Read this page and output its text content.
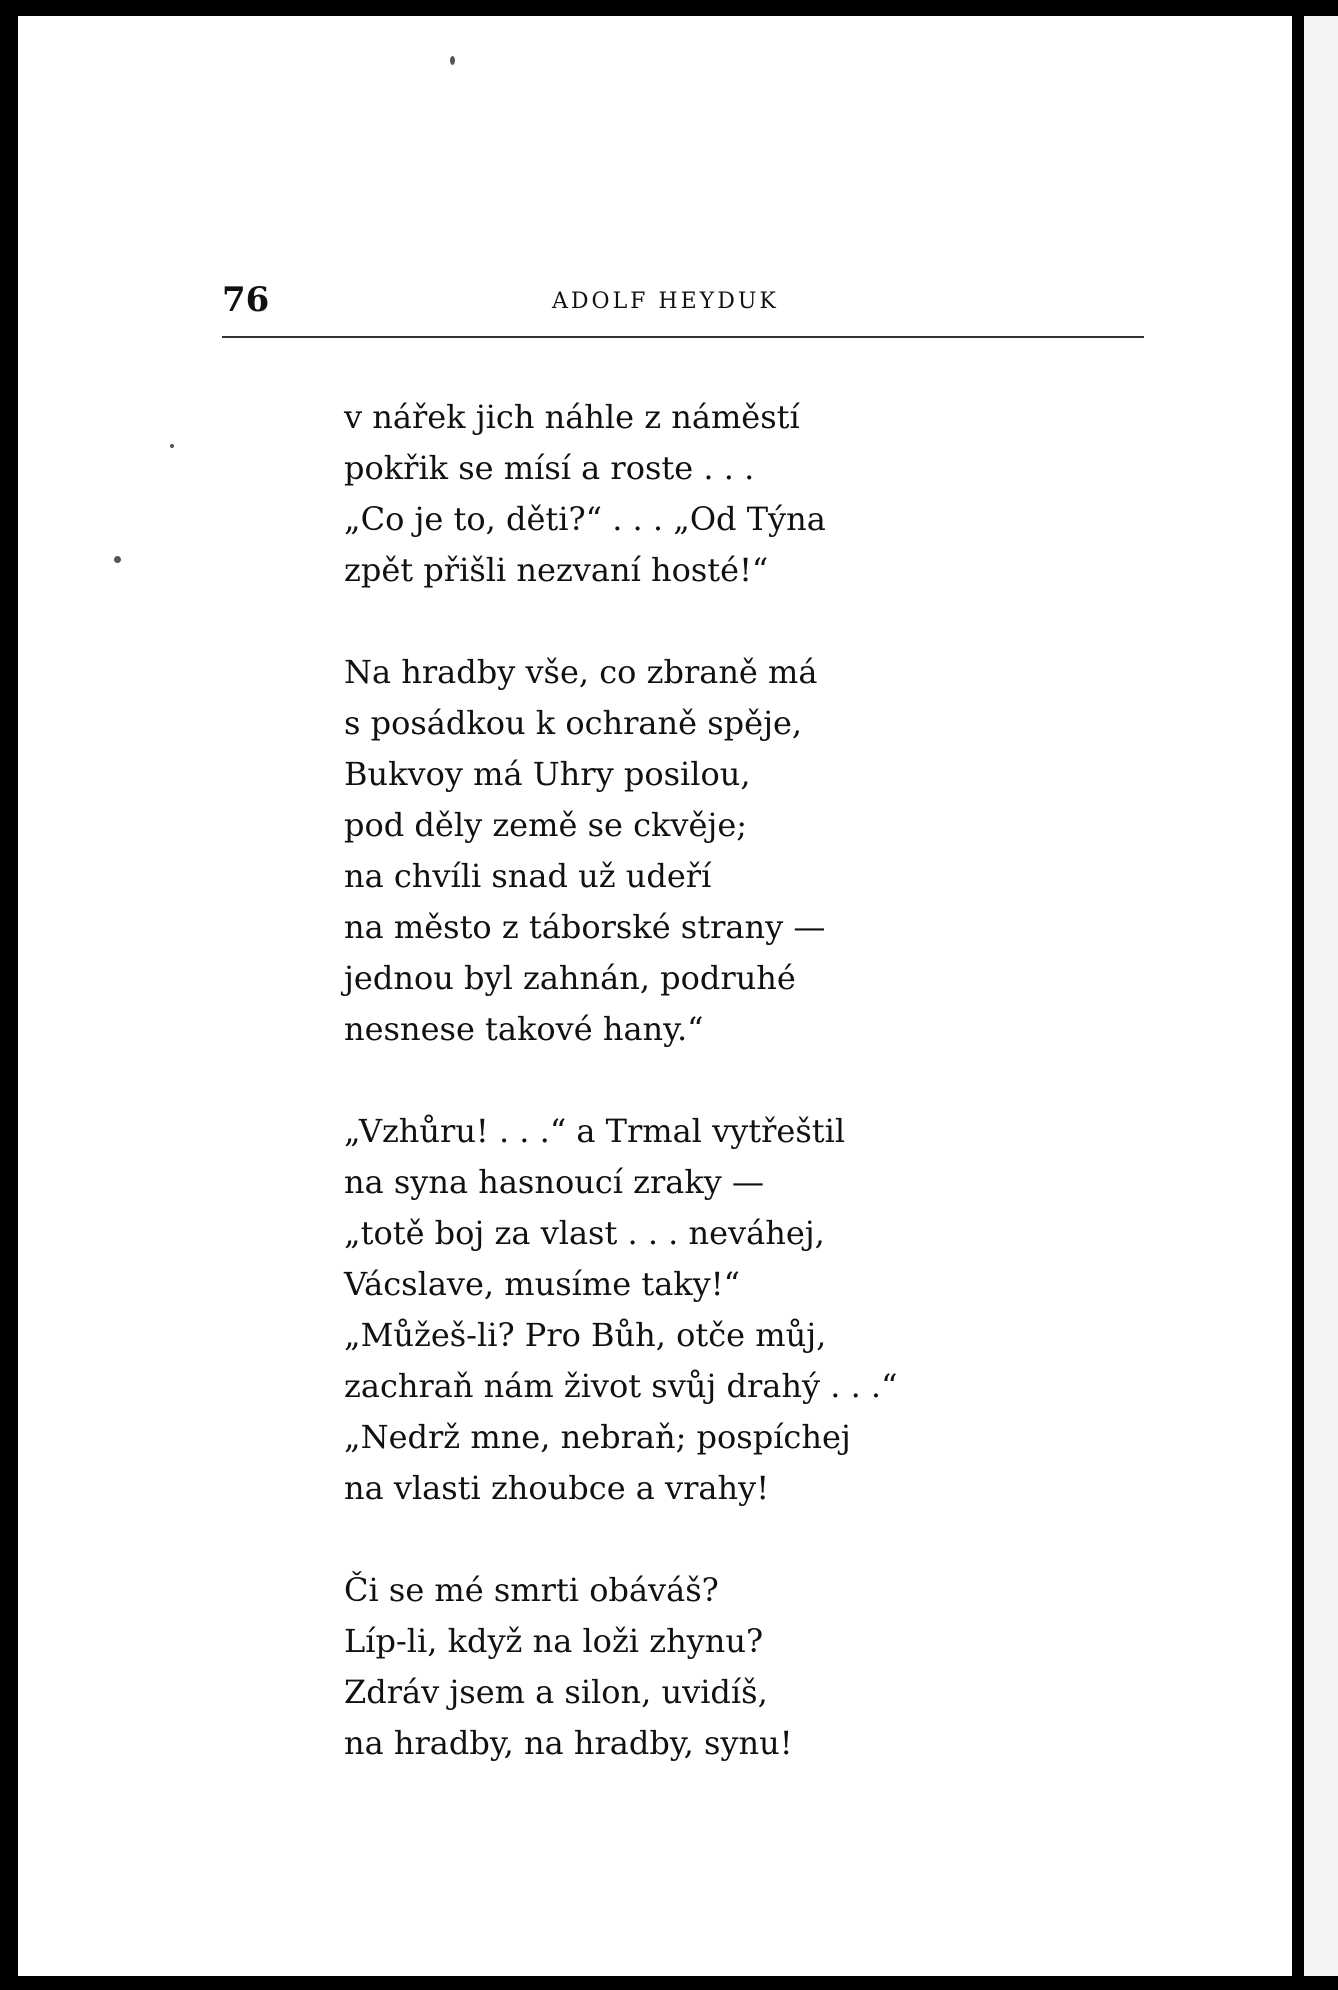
76	ADOLF HEYDUK
v nářek jich náhle z náměstí
pokřik se mísí a roste . . .
„Co je to, děti?“ . . . „Od Týna
zpět přišli nezvaní hosté!“
Na hradby vše, co zbraně má
s posádkou k ochraně spěje,
Bukvoy má Uhry posilou,
pod děly země se ckvěje;
na chvíli snad už udeří
na město z táborské strany —
jednou byl zahnán, podruhé
nesnese takové hany.“
„Vzhůru! . . .“ a Trmal vytřeštil
na syna hasnoucí zraky —
„totě boj za vlast . . . neváhej,
Vácslave, musíme taky!“
„Můžeš-li? Pro Bůh, otče můj,
zachraň nám život svůj drahý . . .“
„Nedrž mne, nebraň; pospíchej
na vlasti zhoubce a vrahy!
Či se mé smrti obáváš?
Líp-li, když na loži zhynu?
Zdráv jsem a silon, uvidíš,
na hradby, na hradby, synu!
